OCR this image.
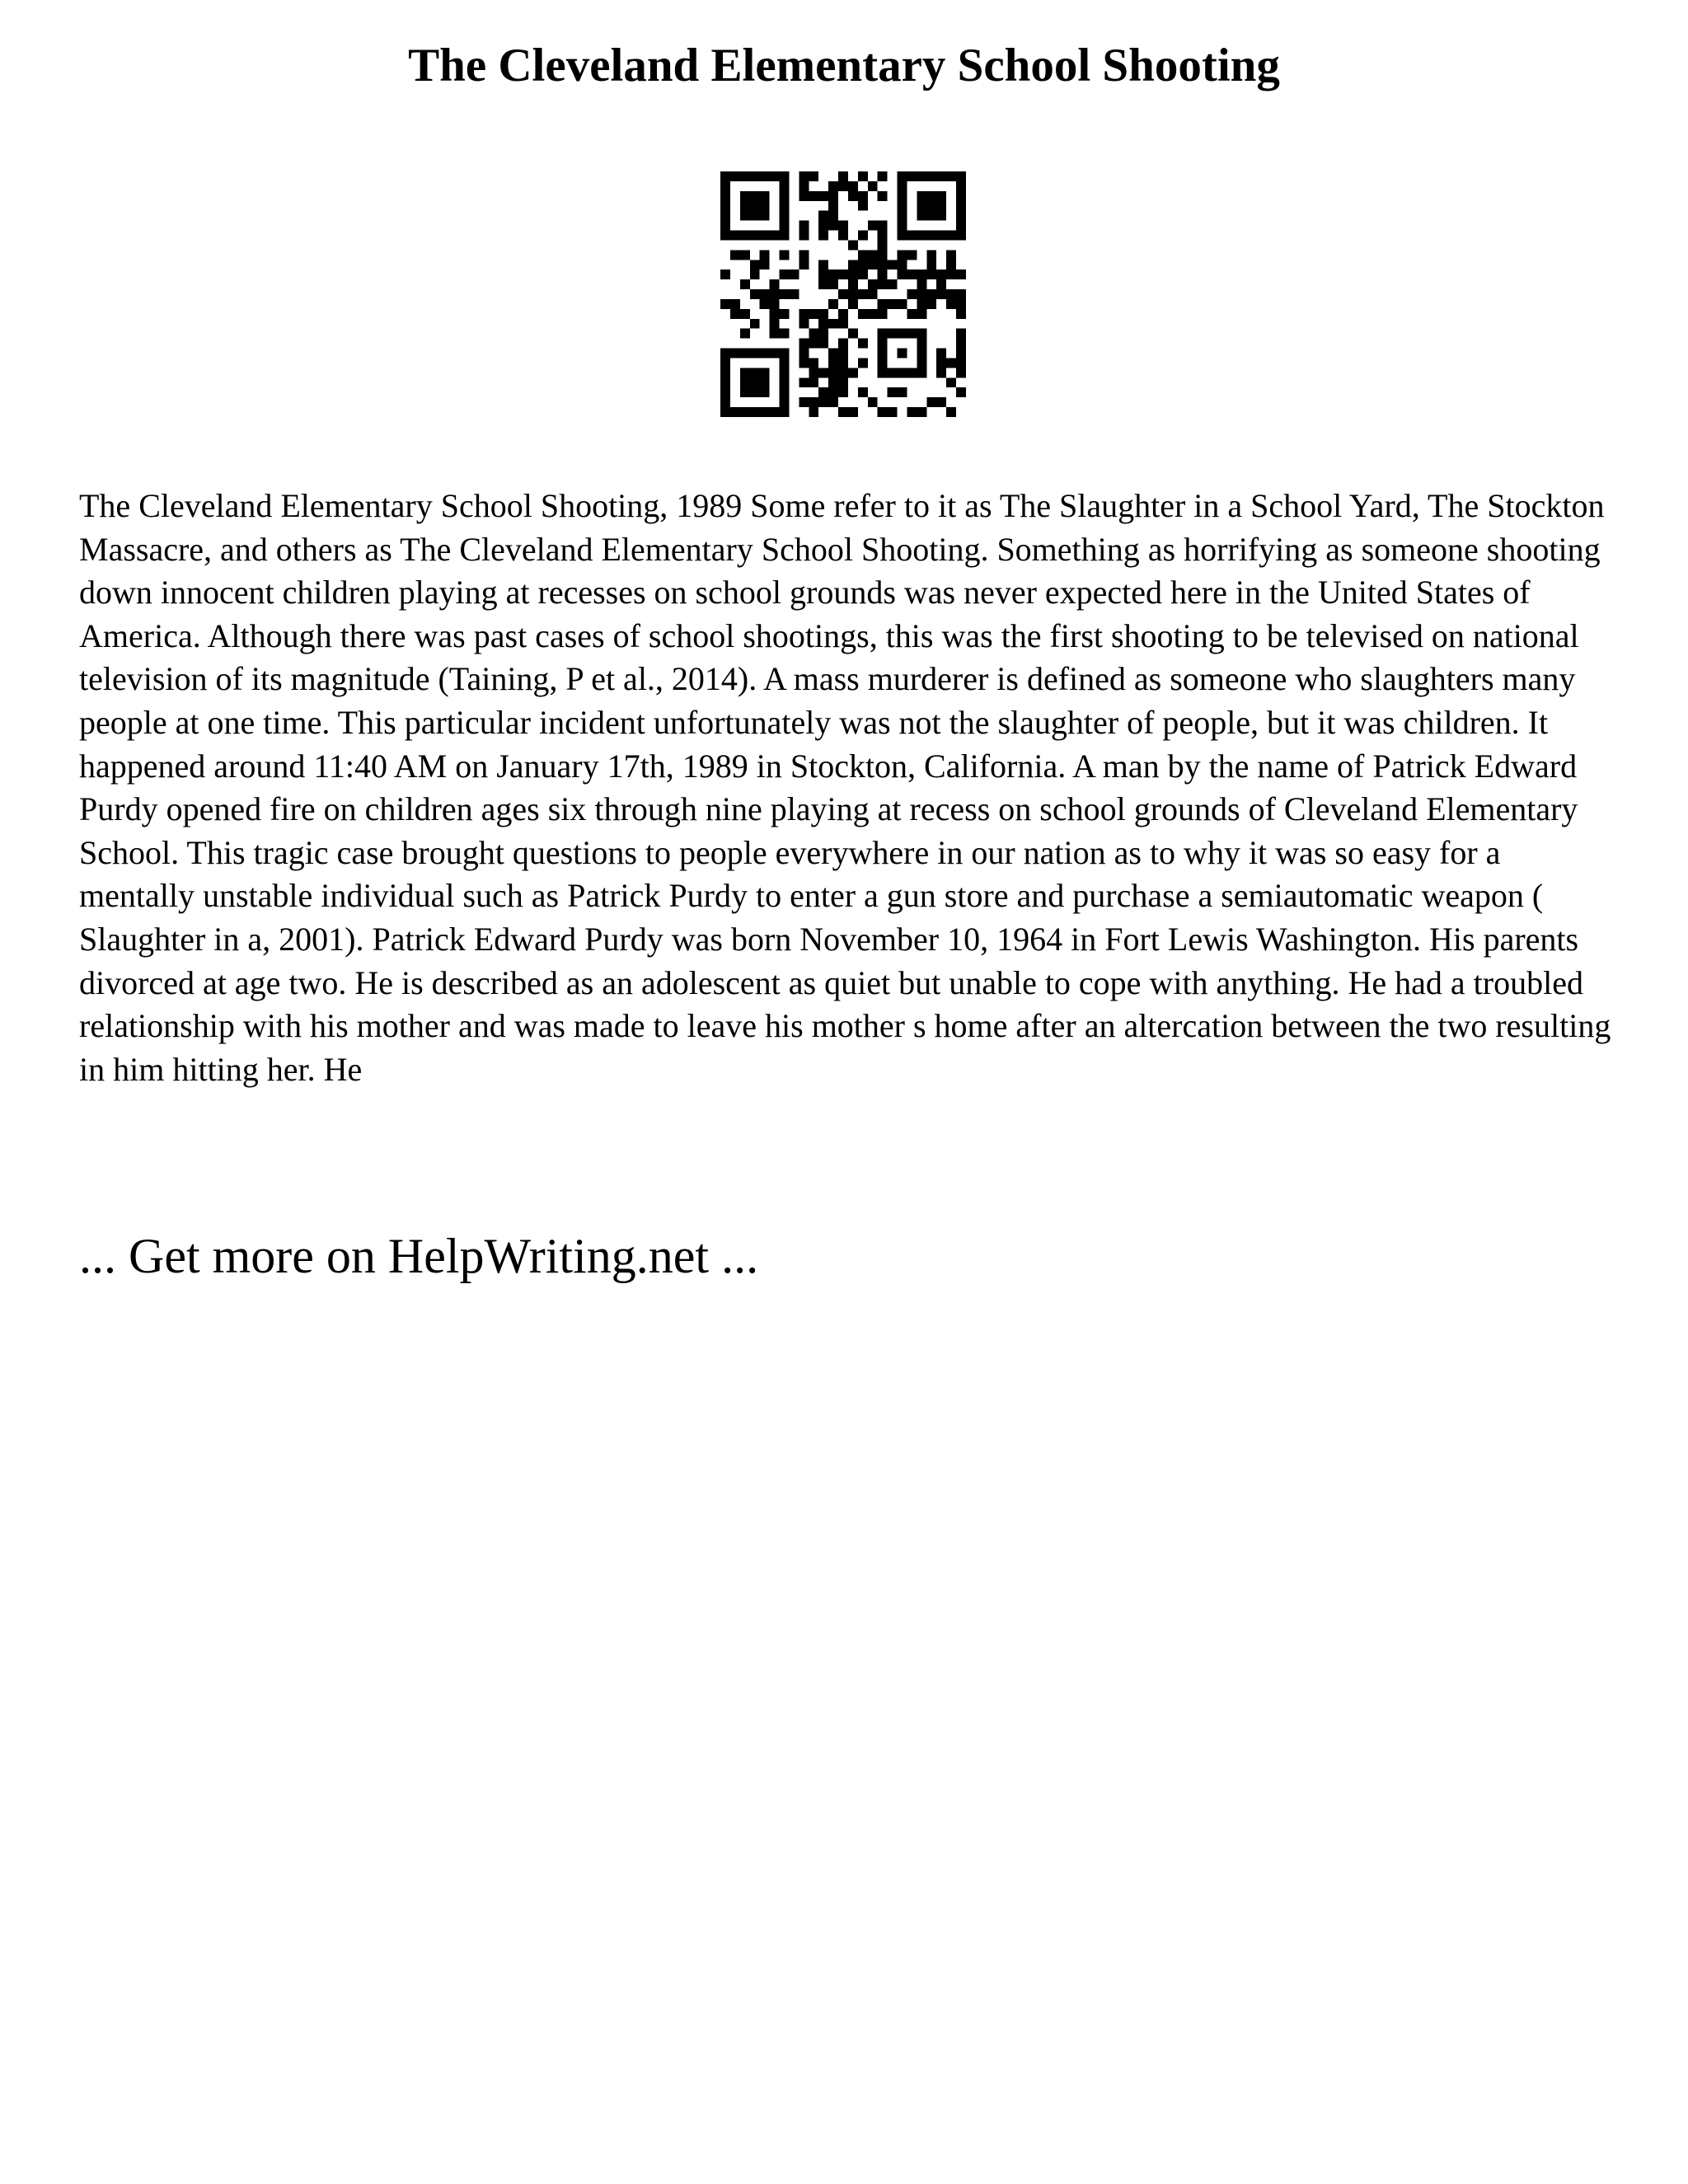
The Cleveland Elementary School Shooting

The Cleveland Elementary School Shooting, 1989 Some refer to it as The Slaughter in a School Yard, The Stockton Massacre, and others as The Cleveland Elementary School Shooting. Something as horrifying as someone shooting down innocent children playing at recesses on school grounds was never expected here in the United States of America. Although there was past cases of school shootings, this was the first shooting to be televised on national television of its magnitude (Taining, P et al., 2014). A mass murderer is defined as someone who slaughters many people at one time. This particular incident unfortunately was not the slaughter of people, but it was children. It happened around 11:40 AM on January 17th, 1989 in Stockton, California. A man by the name of Patrick Edward Purdy opened fire on children ages six through nine playing at recess on school grounds of Cleveland Elementary School. This tragic case brought questions to people everywhere in our nation as to why it was so easy for a mentally unstable individual such as Patrick Purdy to enter a gun store and purchase a semiautomatic weapon ( Slaughter in a, 2001). Patrick Edward Purdy was born November 10, 1964 in Fort Lewis Washington. His parents divorced at age two. He is described as an adolescent as quiet but unable to cope with anything. He had a troubled relationship with his mother and was made to leave his mother s home after an altercation between the two resulting in him hitting her. He

... Get more on HelpWriting.net ...
